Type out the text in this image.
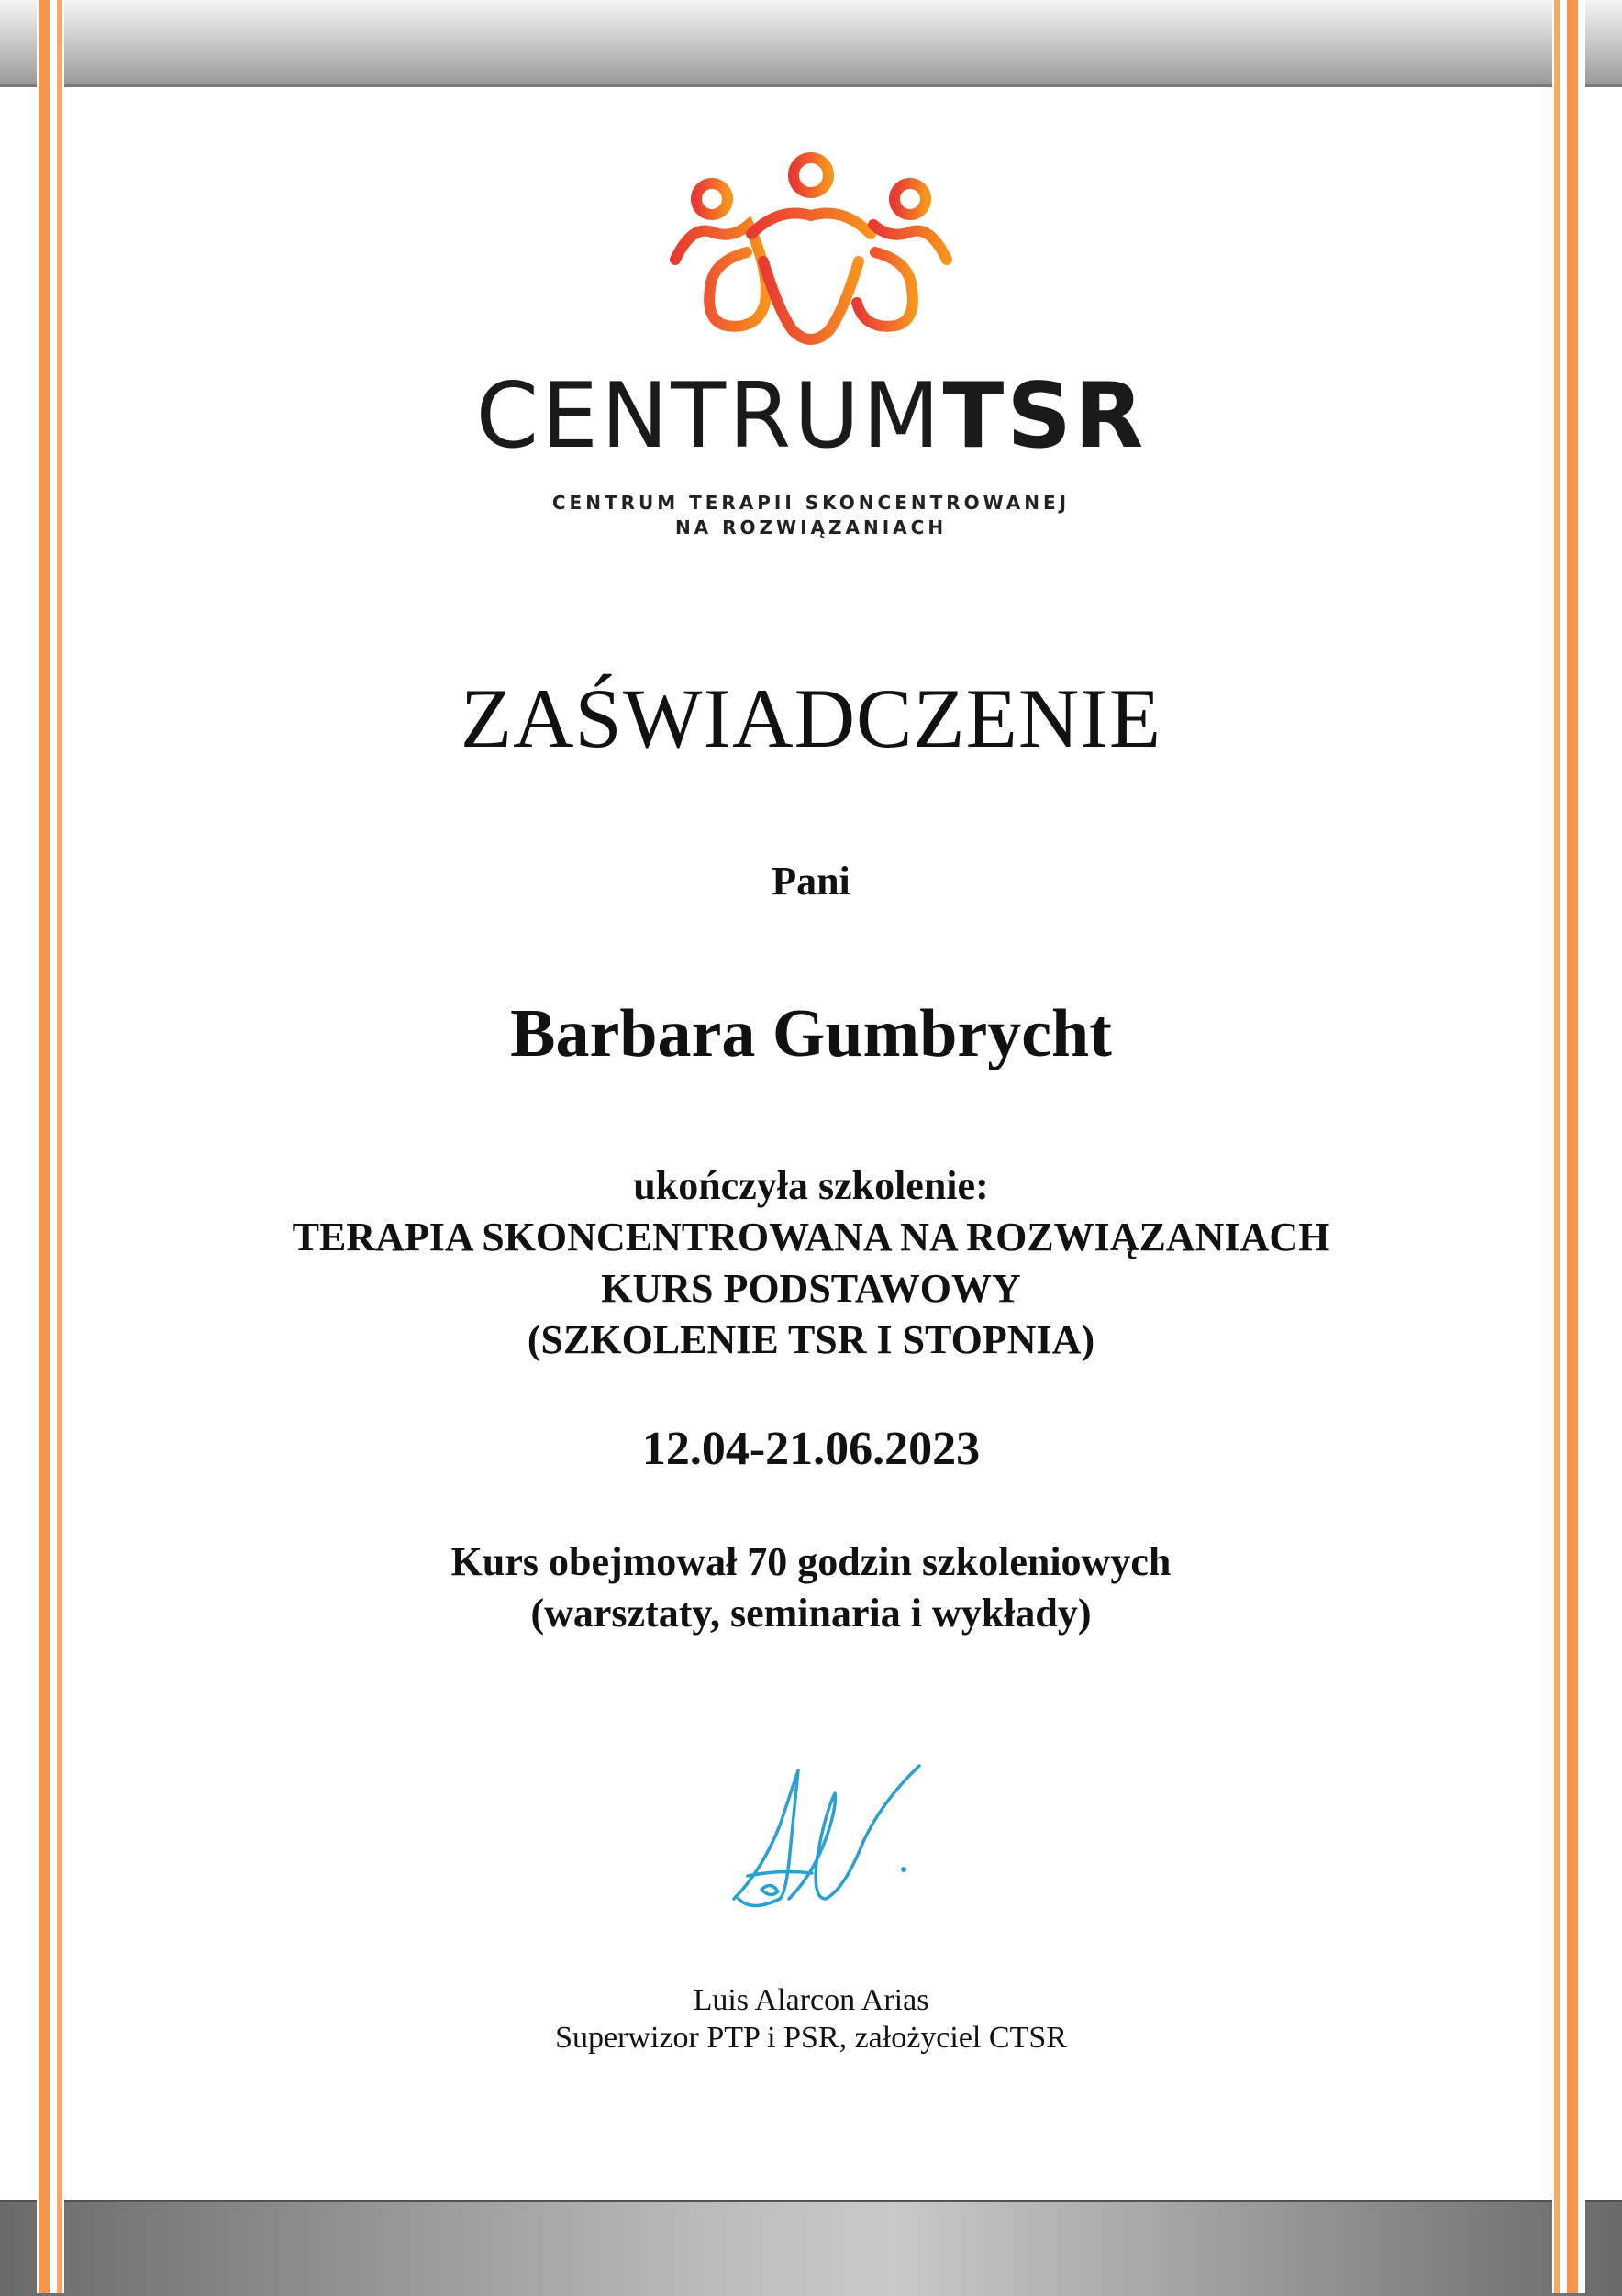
CENTRUMTSR
CENTRUM TERAPII SKONCENTROWANEJ
NA ROZWIĄZANIACH
ZAŚWIADCZENIE
Pani
Barbara Gumbrycht
ukończyła szkolenie:
TERAPIA SKONCENTROWANA NA ROZWIĄZANIACH
KURS PODSTAWOWY
(SZKOLENIE TSR I STOPNIA)
12.04-21.06.2023
Kurs obejmował 70 godzin szkoleniowych
(warsztaty, seminaria i wykłady)
Luis Alarcon Arias
Superwizor PTP i PSR, założyciel CTSR
